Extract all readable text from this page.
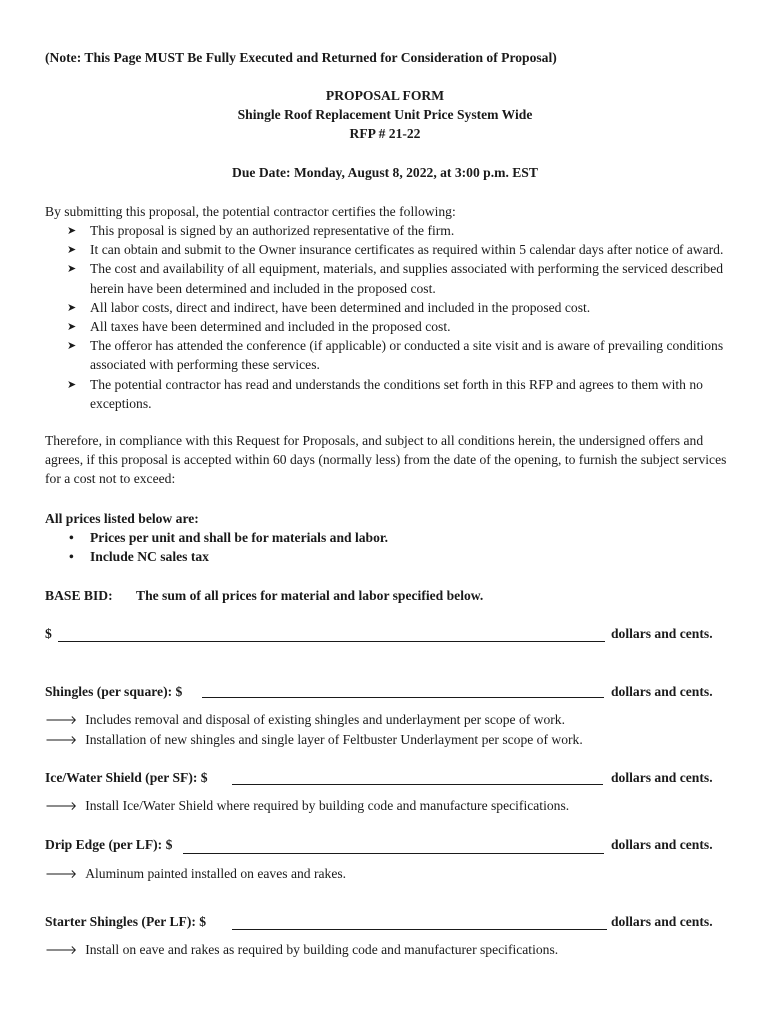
(Note: This Page MUST Be Fully Executed and Returned for Consideration of Proposal)
PROPOSAL FORM
Shingle Roof Replacement Unit Price System Wide
RFP # 21-22
Due Date: Monday, August 8, 2022, at 3:00 p.m. EST
By submitting this proposal, the potential contractor certifies the following:
➤ This proposal is signed by an authorized representative of the firm.
➤ It can obtain and submit to the Owner insurance certificates as required within 5 calendar days after notice of award.
➤ The cost and availability of all equipment, materials, and supplies associated with performing the serviced described herein have been determined and included in the proposed cost.
➤ All labor costs, direct and indirect, have been determined and included in the proposed cost.
➤ All taxes have been determined and included in the proposed cost.
➤ The offeror has attended the conference (if applicable) or conducted a site visit and is aware of prevailing conditions associated with performing these services.
➤ The potential contractor has read and understands the conditions set forth in this RFP and agrees to them with no exceptions.
Therefore, in compliance with this Request for Proposals, and subject to all conditions herein, the undersigned offers and agrees, if this proposal is accepted within 60 days (normally less) from the date of the opening, to furnish the subject services for a cost not to exceed:
All prices listed below are:
• Prices per unit and shall be for materials and labor.
• Include NC sales tax
BASE BID: The sum of all prices for material and labor specified below.
$	dollars and cents.
Shingles (per square): $	dollars and cents.
🡒 Includes removal and disposal of existing shingles and underlayment per scope of work.
🡒 Installation of new shingles and single layer of Feltbuster Underlayment per scope of work.
Ice/Water Shield (per SF): $	dollars and cents.
🡒 Install Ice/Water Shield where required by building code and manufacture specifications.
Drip Edge (per LF): $	dollars and cents.
🡒 Aluminum painted installed on eaves and rakes.
Starter Shingles (Per LF): $	dollars and cents.
🡒 Install on eave and rakes as required by building code and manufacturer specifications.
